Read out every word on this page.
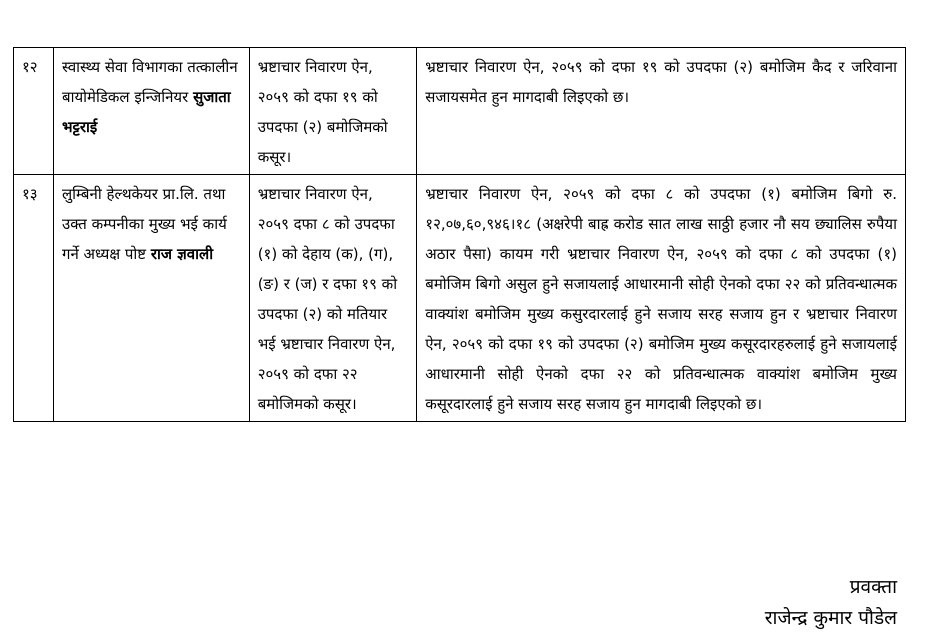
१२	स्वास्थ्य सेवा विभागका तत्कालीन बायोमेडिकल इन्जिनियर सुजाता भट्टराई	भ्रष्टाचार निवारण ऐन, २०५९ को दफा १९ को उपदफा (२) बमोजिमको कसूर।	भ्रष्टाचार निवारण ऐन, २०५९ को दफा १९ को उपदफा (२) बमोजिम कैद र जरिवाना सजायसमेत हुन मागदाबी लिइएको छ।
१३	लुम्बिनी हेल्थकेयर प्रा.लि. तथा उक्त कम्पनीका मुख्य भई कार्य गर्ने अध्यक्ष पोष्ट राज ज्ञवाली	भ्रष्टाचार निवारण ऐन, २०५९ दफा ८ को उपदफा (१) को देहाय (क), (ग), (ङ) र (ज) र दफा १९ को उपदफा (२) को मतियार भई भ्रष्टाचार निवारण ऐन, २०५९ को दफा २२ बमोजिमको कसूर।	भ्रष्टाचार निवारण ऐन, २०५९ को दफा ८ को उपदफा (१) बमोजिम बिगो रु. १२,०७,६०,९४६।१८ (अक्षरेपी बाह्र करोड सात लाख साठ्ठी हजार नौ सय छ्यालिस रुपैया अठार पैसा) कायम गरी भ्रष्टाचार निवारण ऐन, २०५९ को दफा ८ को उपदफा (१) बमोजिम बिगो असुल हुने सजायलाई आधारमानी सोही ऐनको दफा २२ को प्रतिवन्धात्मक वाक्यांश बमोजिम मुख्य कसुरदारलाई हुने सजाय सरह सजाय हुन र भ्रष्टाचार निवारण ऐन, २०५९ को दफा १९ को उपदफा (२) बमोजिम मुख्य कसूरदारहरुलाई हुने सजायलाई आधारमानी सोही ऐनको दफा २२ को प्रतिवन्धात्मक वाक्यांश बमोजिम मुख्य कसूरदारलाई हुने सजाय सरह सजाय हुन मागदाबी लिइएको छ।
प्रवक्ता
राजेन्द्र कुमार पौडेल
